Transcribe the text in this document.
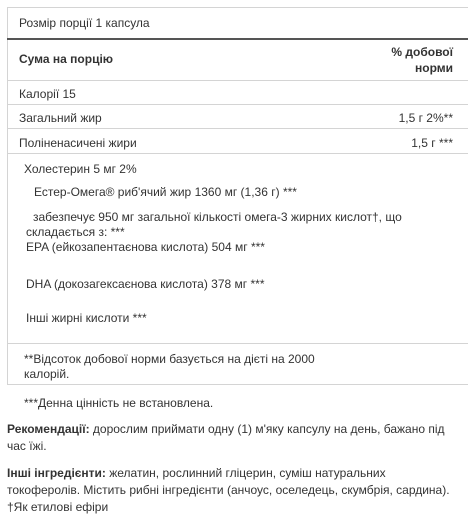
Розмір порції 1 капсула
Сума на порцію	% добової
норми
Калорії 15
Загальний жир	1,5 г 2%**
Поліненасичені жири	1,5 г ***
Холестерин 5 мг 2%
Естер-Омега® риб'ячий жир 1360 мг (1,36 г) ***
забезпечує 950 мг загальної кількості омега-3 жирних кислот†, що складається з: ***
EPA (ейкозапентаєнова кислота) 504 мг ***
DHA (докозагексаєнова кислота) 378 мг ***
Інші жирні кислоти ***
**Відсоток добової норми базується на дієті на 2000 калорій.
***Денна цінність не встановлена.
Рекомендації: дорослим приймати одну (1) м'яку капсулу на день, бажано під час їжі.
Інші інгредієнти: желатин, рослинний гліцерин, суміш натуральних токоферолів. Містить рибні інгредієнти (анчоус, оселедець, скумбрія, сардина). †Як етилові ефіри
